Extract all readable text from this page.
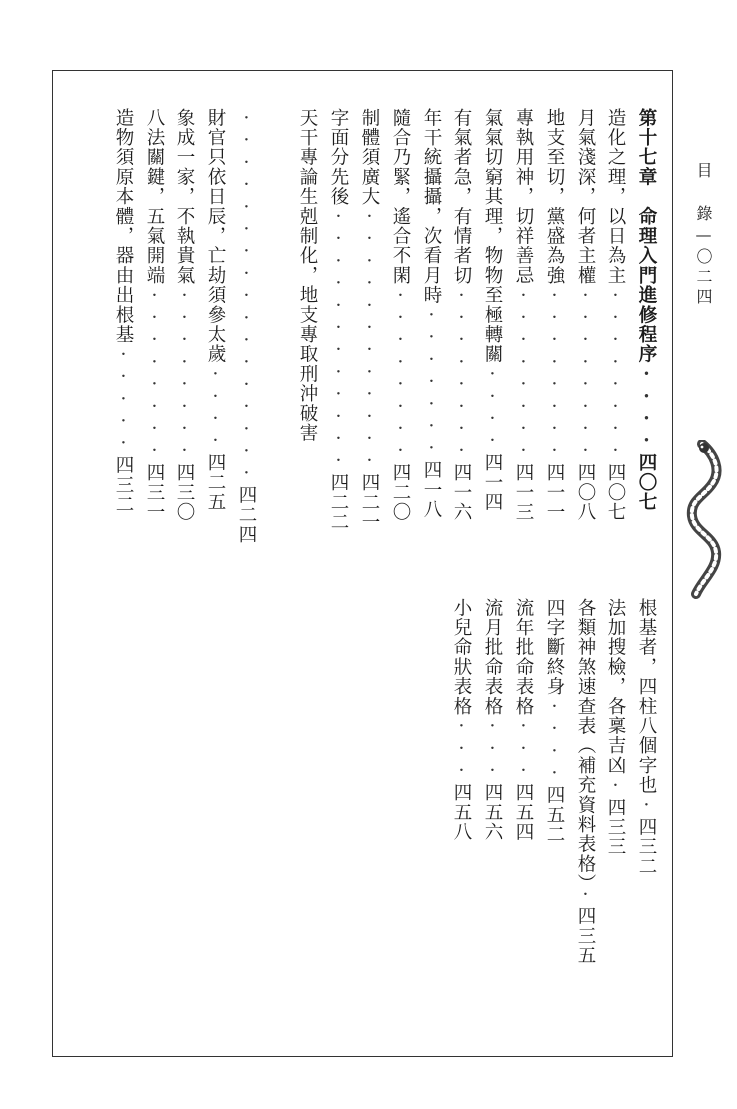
目 錄—〇二四
第十七章　命理入門進修程序····四〇七
造化之理，以日為主········四〇七
月氣淺深，何者主權········四〇八
地支至切，黨盛為強········四一一
專執用神，切祥善忌········四一三
氣氣切窮其理，物物至極轉關····四一四
有氣者急，有情者切········四一六
年干統攝攝，次看月時·······四一八
隨合乃緊，遙合不閑········四二〇
制體須廣大············四二一
字面分先後············四二二
天干專論生剋制化，地支專取刑沖破害
·················四二四
財官只依日辰，亡劫須參太歲····四二五
象成一家，不執貴氣········四三〇
八法關鍵，五氣開端········四三一
造物須原本體，器由出根基·····四三二
根基者，四柱八個字也·四三二
法加搜檢，各稟吉凶·四三三
各類神煞速查表（補充資料表格）·四三五
四字斷終身····四五二
流年批命表格···四五四
流月批命表格···四五六
小兒命狀表格···四五八
